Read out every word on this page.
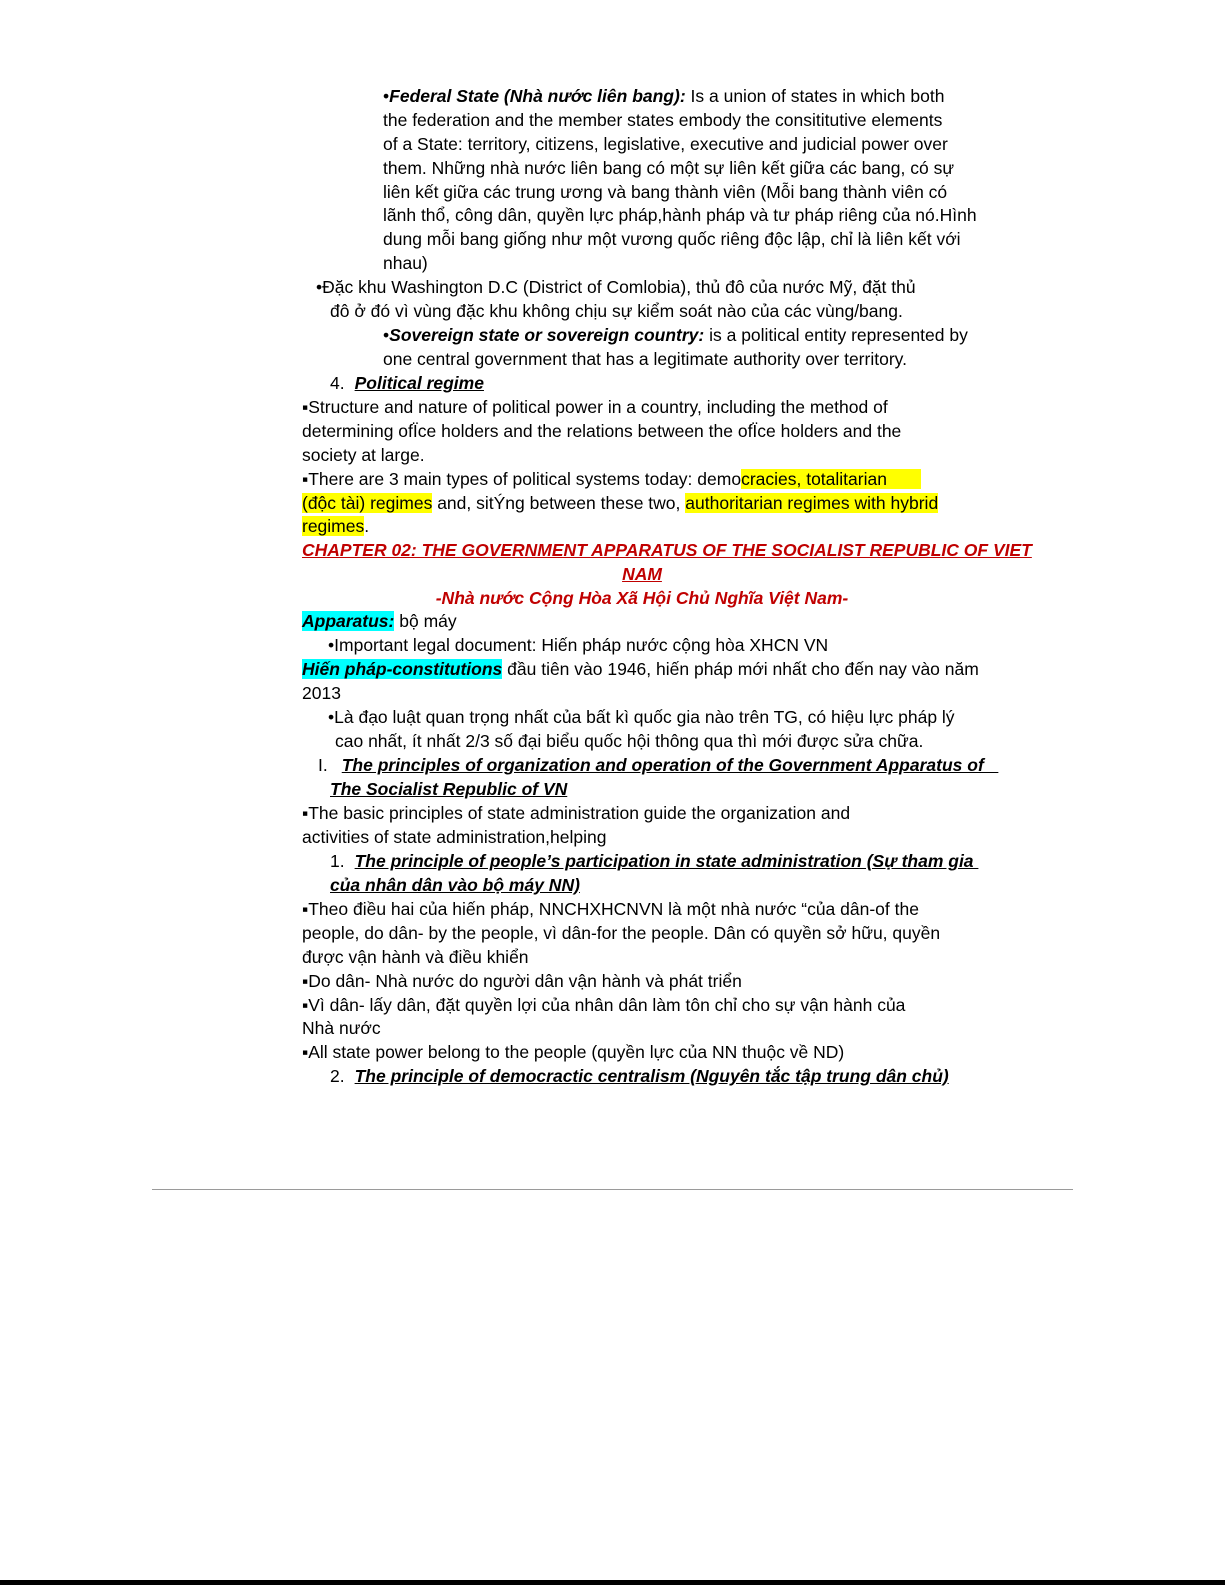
•Federal State (Nhà nước liên bang): Is a union of states in which both
the federation and the member states embody the consititutive elements
of a State: territory, citizens, legislative, executive and judicial power over
them. Những nhà nước liên bang có một sự liên kết giữa các bang, có sự
liên kết giữa các trung ương và bang thành viên (Mỗi bang thành viên có
lãnh thổ, công dân, quyền lực pháp,hành pháp và tư pháp riêng của nó.Hình
dung mỗi bang giống như một vương quốc riêng độc lập, chỉ là liên kết với
nhau)
•Đặc khu Washington D.C (District of Comlobia), thủ đô của nước Mỹ, đặt thủ
đô ở đó vì vùng đặc khu không chịu sự kiểm soát nào của các vùng/bang.
•Sovereign state or sovereign country: is a political entity represented by
one central government that has a legitimate authority over territory.
4. Political regime
▪Structure and nature of political power in a country, including the method of
determining ofÏce holders and the relations between the ofÏce holders and the
society at large.
▪There are 3 main types of political systems today: democracies, totalitarian
(độc tài) regimes and, sitÝng between these two, authoritarian regimes with hybrid
regimes.
CHAPTER 02: THE GOVERNMENT APPARATUS OF THE SOCIALIST REPUBLIC OF VIET
NAM
-Nhà nước Cộng Hòa Xã Hội Chủ Nghĩa Việt Nam-
Apparatus: bộ máy
•Important legal document: Hiến pháp nước cộng hòa XHCN VN
Hiến pháp-constitutions đầu tiên vào 1946, hiến pháp mới nhất cho đến nay vào năm
2013
•Là đạo luật quan trọng nhất của bất kì quốc gia nào trên TG, có hiệu lực pháp lý
cao nhất, ít nhất 2/3 số đại biểu quốc hội thông qua thì mới được sửa chữa.
I. The principles of organization and operation of the Government Apparatus of
The Socialist Republic of VN
▪The basic principles of state administration guide the organization and
activities of state administration,helping
1. The principle of people’s participation in state administration (Sự tham gia
của nhân dân vào bộ máy NN)
▪Theo điều hai của hiến pháp, NNCHXHCNVN là một nhà nước “của dân-of the
people, do dân- by the people, vì dân-for the people. Dân có quyền sở hữu, quyền
được vận hành và điều khiển
▪Do dân- Nhà nước do người dân vận hành và phát triển
▪Vì dân- lấy dân, đặt quyền lợi của nhân dân làm tôn chỉ cho sự vận hành của
Nhà nước
▪All state power belong to the people (quyền lực của NN thuộc về ND)
2. The principle of democractic centralism (Nguyên tắc tập trung dân chủ)
